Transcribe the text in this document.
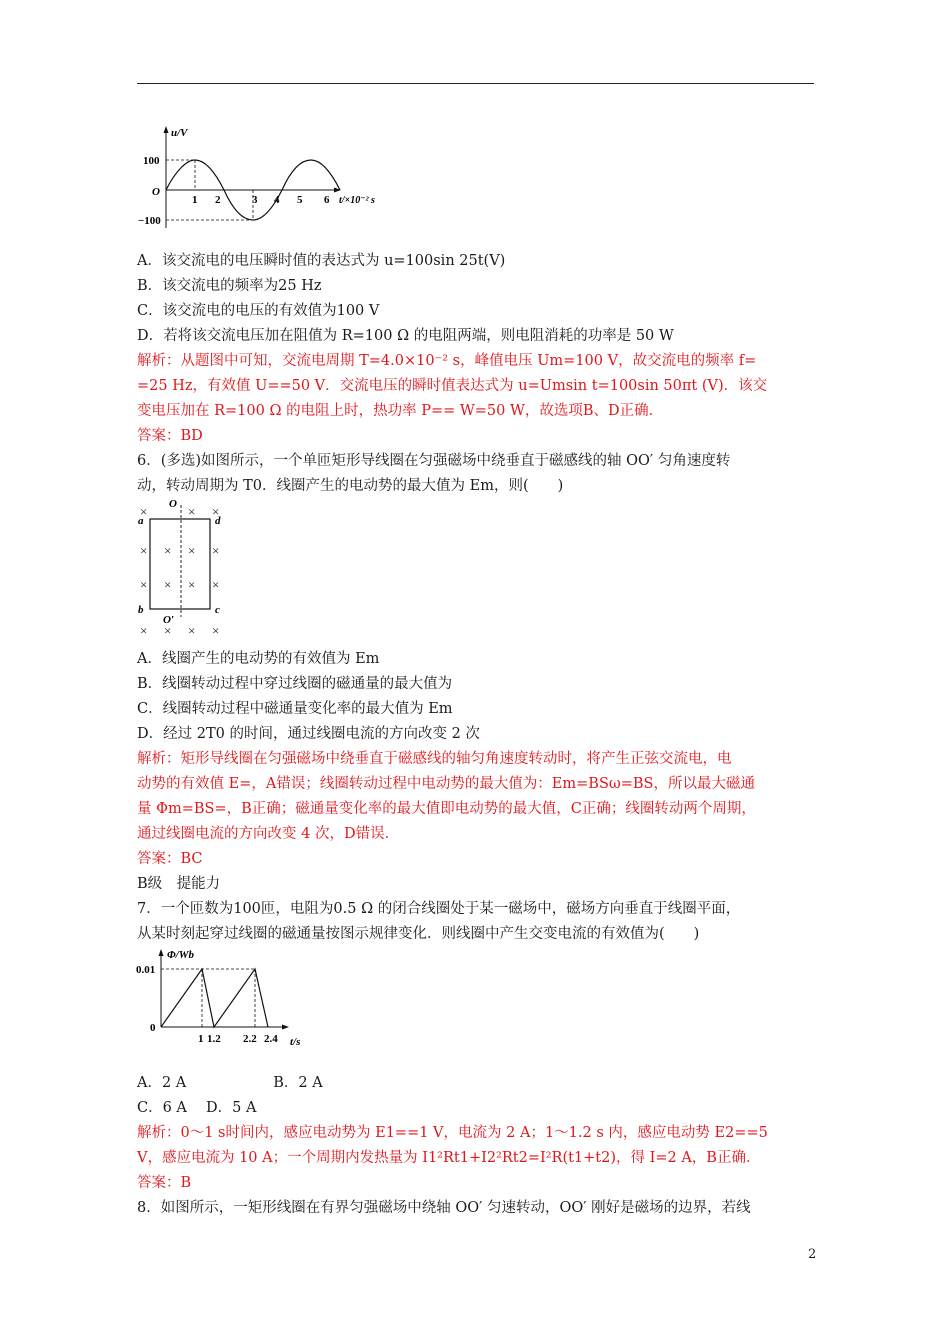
u/V
100
O
−100
1 2	3 4 5 6 t/×10⁻² s
A．该交流电的电压瞬时值的表达式为 u=100sin 25t(V)
B．该交流电的频率为25 Hz
C．该交流电的电压的有效值为100 V
D．若将该交流电压加在阻值为 R=100 Ω 的电阻两端，则电阻消耗的功率是 50 W
解析：从题图中可知，交流电周期 T=4.0×10⁻² s，峰值电压 Um=100 V，故交流电的频率 f=
=25 Hz，有效值 U==50 V．交流电压的瞬时值表达式为 u=Umsin t=100sin 50πt (V)．该交
变电压加在 R=100 Ω 的电阻上时，热功率 P== W=50 W，故选项B、D正确．
答案：BD
6．(多选)如图所示，一个单匝矩形导线圈在匀强磁场中绕垂直于磁感线的轴 OO′ 匀角速度转
动，转动周期为 T0．线圈产生的电动势的最大值为 Em，则(　　)
O
O′
a	d
b	c
×	× ×
× × × ×
× × × ×
× × × ×
A．线圈产生的电动势的有效值为 Em
B．线圈转动过程中穿过线圈的磁通量的最大值为
C．线圈转动过程中磁通量变化率的最大值为 Em
D．经过 2T0 的时间，通过线圈电流的方向改变 2 次
解析：矩形导线圈在匀强磁场中绕垂直于磁感线的轴匀角速度转动时，将产生正弦交流电，电
动势的有效值 E=，A错误；线圈转动过程中电动势的最大值为：Em=BSω=BS，所以最大磁通
量 Φm=BS=，B正确；磁通量变化率的最大值即电动势的最大值，C正确；线圈转动两个周期，
通过线圈电流的方向改变 4 次，D错误．
答案：BC
B级　提能力
7．一个匝数为100匝，电阻为0.5 Ω 的闭合线圈处于某一磁场中，磁场方向垂直于线圈平面，
从某时刻起穿过线圈的磁通量按图示规律变化．则线圈中产生交变电流的有效值为(　　)
Φ/Wb
0.01
0
1 1.2 2.2 2.4 t/s
A．2 A　　　　　　B．2 A
C．6 A　 D．5 A
解析：0～1 s时间内，感应电动势为 E1==1 V，电流为 2 A；1～1.2 s 内，感应电动势 E2==5
V，感应电流为 10 A；一个周期内发热量为 I1²Rt1+I2²Rt2=I²R(t1+t2)，得 I=2 A，B正确．
答案：B
8．如图所示，一矩形线圈在有界匀强磁场中绕轴 OO′ 匀速转动，OO′ 刚好是磁场的边界，若线
2
